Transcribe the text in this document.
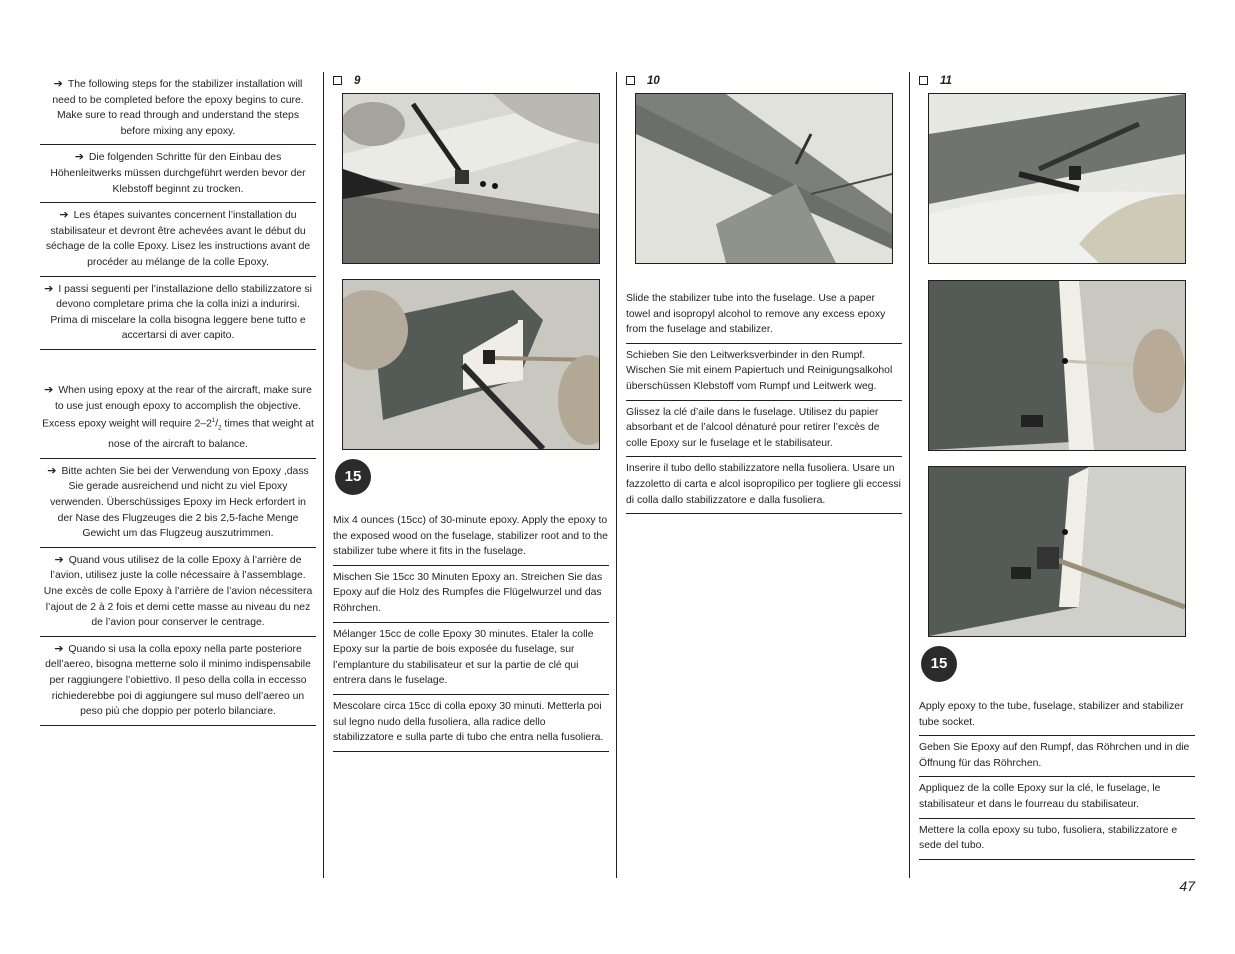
➔ The following steps for the stabilizer installation will need to be completed before the epoxy begins to cure. Make sure to read through and understand the steps before mixing any epoxy.
➔ Die folgenden Schritte für den Einbau des Höhenleitwerks müssen durchgeführt werden bevor der Klebstoff beginnt zu trocken.
➔ Les étapes suivantes concernent l’installation du stabilisateur et devront être achevées avant le début du séchage de la colle Epoxy. Lisez les instructions avant de procéder au mélange de la colle Epoxy.
➔ I passi seguenti per l’installazione dello stabilizzatore si devono completare prima che la colla inizi a indurirsi. Prima di miscelare la colla bisogna leggere bene tutto e accertarsi di aver capito.
➔ When using epoxy at the rear of the aircraft, make sure to use just enough epoxy to accomplish the objective. Excess epoxy weight will require $2-2^1/_2$ times that weight at nose of the aircraft to balance.
➔ Bitte achten Sie bei der Verwendung von Epoxy ,dass Sie gerade ausreichend und nicht zu viel Epoxy verwenden. Überschüssiges Epoxy im Heck erfordert in der Nase des Flugzeuges die 2 bis 2,5-fache Menge Gewicht um das Flugzeug auszutrimmen.
➔ Quand vous utilisez de la colle Epoxy à l’arrière de l’avion, utilisez juste la colle nécessaire à l’assemblage. Une excès de colle Epoxy à l’arrière de l’avion nécessitera l’ajout de 2 à 2 fois et demi cette masse au niveau du nez de l’avion pour conserver le centrage.
➔ Quando si usa la colla epoxy nella parte posteriore dell’aereo, bisogna metterne solo il minimo indispensabile per raggiungere l’obiettivo. Il peso della colla in eccesso richiederebbe poi di aggiungere sul muso dell’aereo un peso più che doppio per poterlo bilanciare.
9
15
Mix 4 ounces (15cc) of 30-minute epoxy. Apply the epoxy to the exposed wood on the fuselage, stabilizer root and to the stabilizer tube where it fits in the fuselage.
Mischen Sie 15cc 30 Minuten Epoxy an. Streichen Sie das Epoxy auf die Holz des Rumpfes die Flügelwurzel und das Röhrchen.
Mélanger 15cc de colle Epoxy 30 minutes. Etaler la colle Epoxy sur la partie de bois exposée du fuselage, sur l’emplanture du stabilisateur et sur la partie de clé qui entrera dans le fuselage.
Mescolare circa 15cc di colla epoxy 30 minuti. Metterla poi sul legno nudo della fusoliera, alla radice dello stabilizzatore e sulla parte di tubo che entra nella fusoliera.
10
Slide the stabilizer tube into the fuselage. Use a paper towel and isopropyl alcohol to remove any excess epoxy from the fuselage and stabilizer.
Schieben Sie den Leitwerksverbinder in den Rumpf. Wischen Sie mit einem Papiertuch und Reinigungsalkohol überschüssen Klebstoff vom Rumpf und Leitwerk weg.
Glissez la clé d’aile dans le fuselage. Utilisez du papier absorbant et de l’alcool dénaturé pour retirer l’excès de colle Epoxy sur le fuselage et le stabilisateur.
Inserire il tubo dello stabilizzatore nella fusoliera. Usare un fazzoletto di carta e alcol isopropilico per togliere gli eccessi di colla dallo stabilizzatore e dalla fusoliera.
11
15
Apply epoxy to the tube, fuselage, stabilizer and stabilizer tube socket.
Geben Sie Epoxy auf den Rumpf, das Röhrchen und in die Öffnung für das Röhrchen.
Appliquez de la colle Epoxy sur la clé, le fuselage, le stabilisateur et dans le fourreau du stabilisateur.
Mettere la colla epoxy su tubo, fusoliera, stabilizzatore e sede del tubo.
47
